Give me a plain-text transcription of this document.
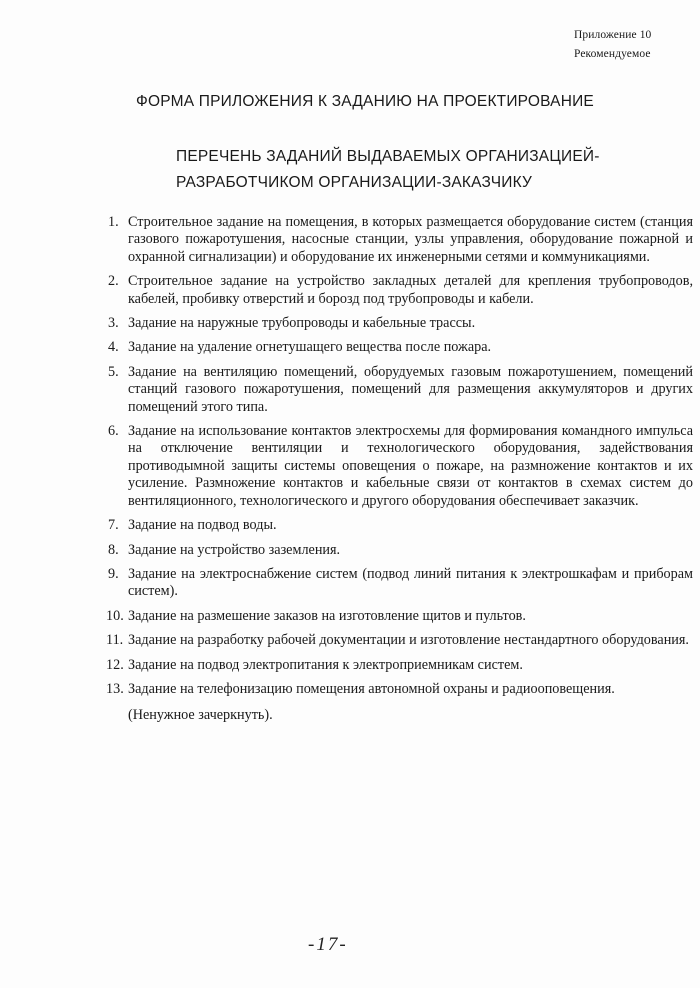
Приложение 10
Рекомендуемое
ФОРМА ПРИЛОЖЕНИЯ К ЗАДАНИЮ НА ПРОЕКТИРОВАНИЕ
ПЕРЕЧЕНЬ ЗАДАНИЙ ВЫДАВАЕМЫХ ОРГАНИЗАЦИЕЙ-
РАЗРАБОТЧИКОМ ОРГАНИЗАЦИИ-ЗАКАЗЧИКУ
1. Строительное задание на помещения, в которых размещается оборудование систем (станция газового пожаротушения, насосные станции, узлы управления, оборудование пожарной и охранной сигнализации) и оборудование их инженерными сетями и коммуникациями.
2. Строительное задание на устройство закладных деталей для крепления трубопроводов, кабелей, пробивку отверстий и борозд под трубопроводы и кабели.
3. Задание на наружные трубопроводы и кабельные трассы.
4. Задание на удаление огнетушащего вещества после пожара.
5. Задание на вентиляцию помещений, оборудуемых газовым пожаротушением, помещений станций газового пожаротушения, помещений для размещения аккумуляторов и других помещений этого типа.
6. Задание на использование контактов электросхемы для формирования командного импульса на отключение вентиляции и технологического оборудования, задействования противодымной защиты системы оповещения о пожаре, на размножение контактов и их усиление. Размножение контактов и кабельные связи от контактов в схемах систем до вентиляционного, технологического и другого оборудования обеспечивает заказчик.
7. Задание на подвод воды.
8. Задание на устройство заземления.
9. Задание на электроснабжение систем (подвод линий питания к электрошкафам и приборам систем).
10. Задание на размешение заказов на изготовление щитов и пультов.
11. Задание на разработку рабочей документации и изготовление нестандартного оборудования.
12. Задание на подвод электропитания к электроприемникам систем.
13. Задание на телефонизацию помещения автономной охраны и радиооповещения.
(Ненужное зачеркнуть).
-17-
